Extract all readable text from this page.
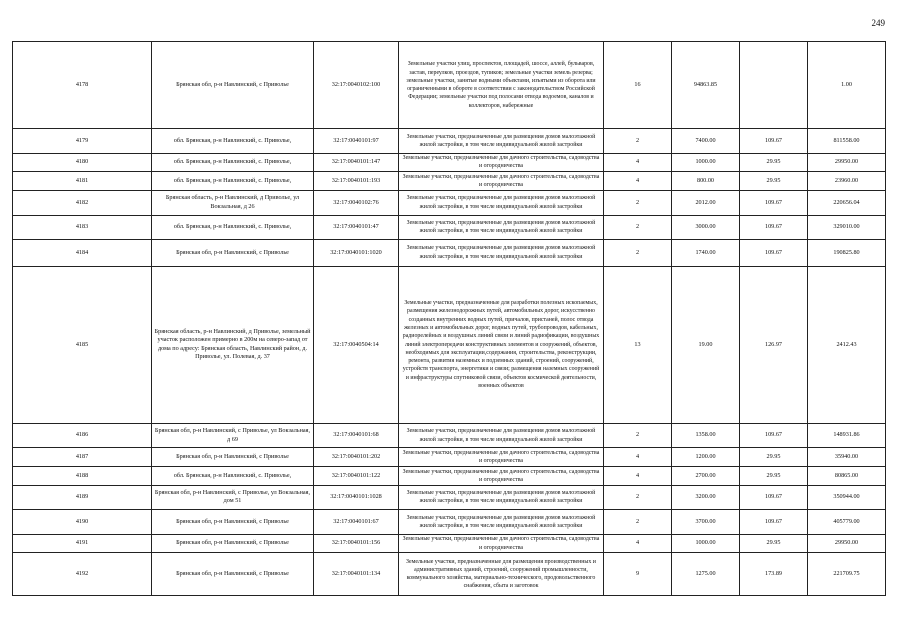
249
4178	Брянская обл, р-н Навлинский, с Приволье	32:17:0040102:100	Земельные участки улиц, проспектов, площадей, шоссе, аллей, бульваров, застав, переулков, проездов, тупиков; земельные участки земель резерва; земельные участки, занятые водными объектами, изъятыми из оборота или ограниченными в обороте в соответствии с законодательством Российской Федерации; земельные участки под полосами отвода водоемов, каналов и коллекторов, набережные	16	94863.85		1.00
4179	обл. Брянская, р-н Навлинский, с. Приволье,	32:17:0040101:97	Земельные участки, предназначенные для размещения домов малоэтажной жилой застройки, в том числе индивидуальной жилой застройки	2	7400.00	109.67	811558.00
4180	обл. Брянская, р-н Навлинский, с. Приволье,	32:17:0040101:147	Земельные участки, предназначенные для дачного строительства, садоводства и огородничества	4	1000.00	29.95	29950.00
4181	обл. Брянская, р-н Навлинский, с. Приволье,	32:17:0040101:193	Земельные участки, предназначенные для дачного строительства, садоводства и огородничества	4	800.00	29.95	23960.00
4182	Брянская область, р-н Навлинский, д Приволье, ул Вокзальная, д 26	32:17:0040102:76	Земельные участки, предназначенные для размещения домов малоэтажной жилой застройки, в том числе индивидуальной жилой застройки	2	2012.00	109.67	220656.04
4183	обл. Брянская, р-н Навлинский, с. Приволье,	32:17:0040101:47	Земельные участки, предназначенные для размещения домов малоэтажной жилой застройки, в том числе индивидуальной жилой застройки	2	3000.00	109.67	329010.00
4184	Брянская обл, р-н Навлинский, с Приволье	32:17:0040101:1020	Земельные участки, предназначенные для размещения домов малоэтажной жилой застройки, в том числе индивидуальной жилой застройки	2	1740.00	109.67	190825.80
4185	Брянская область, р-н Навлинский, д Приволье, земельный участок расположен примерно в 200м на северо-запад от дома по адресу: Брянская область, Навлинский район, д. Приволье, ул. Полевая, д. 37	32:17:0040504:14	Земельные участки, предназначенные для разработки полезных ископаемых, размещения железнодорожных путей, автомобильных дорог, искусственно созданных внутренних водных путей, причалов, пристаней, полос отвода железных и автомобильных дорог, водных путей, трубопроводов, кабельных, радиорелейных и воздушных линий связи и линий радиофикации, воздушных линий электропередачи конструктивных элементов и сооружений, объектов, необходимых для эксплуатации,содержания, строительства, реконструкции, ремонта, развития наземных и подземных зданий, строений, сооружений, устройств транспорта, энергетики и связи; размещения наземных сооружений и инфраструктуры спутниковой связи, объектов космической деятельности, военных объектов	13	19.00	126.97	2412.43
4186	Брянская обл, р-н Навлинский, с Приволье, ул Вокзальная, д 69	32:17:0040101:68	Земельные участки, предназначенные для размещения домов малоэтажной жилой застройки, в том числе индивидуальной жилой застройки	2	1358.00	109.67	148931.86
4187	Брянская обл, р-н Навлинский, с Приволье	32:17:0040101:202	Земельные участки, предназначенные для дачного строительства, садоводства и огородничества	4	1200.00	29.95	35940.00
4188	обл. Брянская, р-н Навлинский, с. Приволье,	32:17:0040101:122	Земельные участки, предназначенные для дачного строительства, садоводства и огородничества	4	2700.00	29.95	80865.00
4189	Брянская обл, р-н Навлинский, с Приволье, ул Вокзальная, дом 51	32:17:0040101:1028	Земельные участки, предназначенные для размещения домов малоэтажной жилой застройки, в том числе индивидуальной жилой застройки	2	3200.00	109.67	350944.00
4190	Брянская обл, р-н Навлинский, с Приволье	32:17:0040101:67	Земельные участки, предназначенные для размещения домов малоэтажной жилой застройки, в том числе индивидуальной жилой застройки	2	3700.00	109.67	405779.00
4191	Брянская обл, р-н Навлинский, с Приволье	32:17:0040101:156	Земельные участки, предназначенные для дачного строительства, садоводства и огородничества	4	1000.00	29.95	29950.00
4192	Брянская обл, р-н Навлинский, с Приволье	32:17:0040101:134	Земельные участки, предназначенные для размещения производственных и административных зданий, строений, сооружений промышленности, коммунального хозяйства, материально-технического, продовольственного снабжения, сбыта и заготовок	9	1275.00	173.89	221709.75
